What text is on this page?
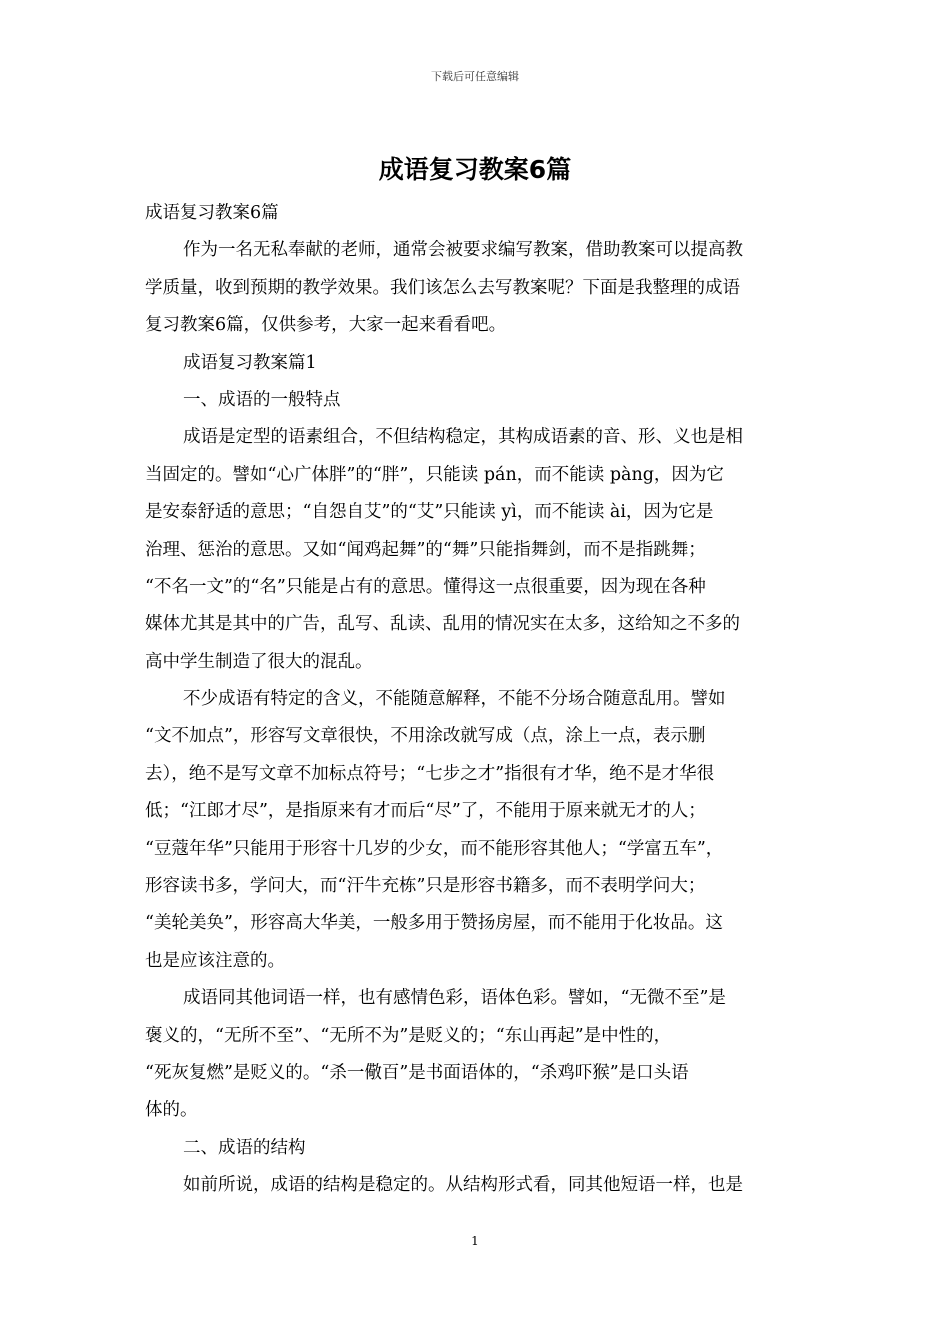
下载后可任意编辑
成语复习教案6篇
成语复习教案6篇
作为一名无私奉献的老师，通常会被要求编写教案，借助教案可以提高教
学质量，收到预期的教学效果。我们该怎么去写教案呢？下面是我整理的成语
复习教案6篇，仅供参考，大家一起来看看吧。
成语复习教案篇1
一、成语的一般特点
成语是定型的语素组合，不但结构稳定，其构成语素的音、形、义也是相
当固定的。譬如“心广体胖”的“胖”，只能读 pán，而不能读 pàng，因为它
是安泰舒适的意思；“自怨自艾”的“艾”只能读 yì，而不能读 ài，因为它是
治理、惩治的意思。又如“闻鸡起舞”的“舞”只能指舞剑，而不是指跳舞；
“不名一文”的“名”只能是占有的意思。懂得这一点很重要，因为现在各种
媒体尤其是其中的广告，乱写、乱读、乱用的情况实在太多，这给知之不多的
高中学生制造了很大的混乱。
不少成语有特定的含义，不能随意解释，不能不分场合随意乱用。譬如
“文不加点”，形容写文章很快，不用涂改就写成（点，涂上一点，表示删
去），绝不是写文章不加标点符号；“七步之才”指很有才华，绝不是才华很
低；“江郎才尽”，是指原来有才而后“尽”了，不能用于原来就无才的人；
“豆蔻年华”只能用于形容十几岁的少女，而不能形容其他人；“学富五车”，
形容读书多，学问大，而“汗牛充栋”只是形容书籍多，而不表明学问大；
“美轮美奂”，形容高大华美，一般多用于赞扬房屋，而不能用于化妆品。这
也是应该注意的。
成语同其他词语一样，也有感情色彩，语体色彩。譬如，“无微不至”是
褒义的，“无所不至”、“无所不为”是贬义的；“东山再起”是中性的，
“死灰复燃”是贬义的。“杀一儆百”是书面语体的，“杀鸡吓猴”是口头语
体的。
二、成语的结构
如前所说，成语的结构是稳定的。从结构形式看，同其他短语一样，也是
1
